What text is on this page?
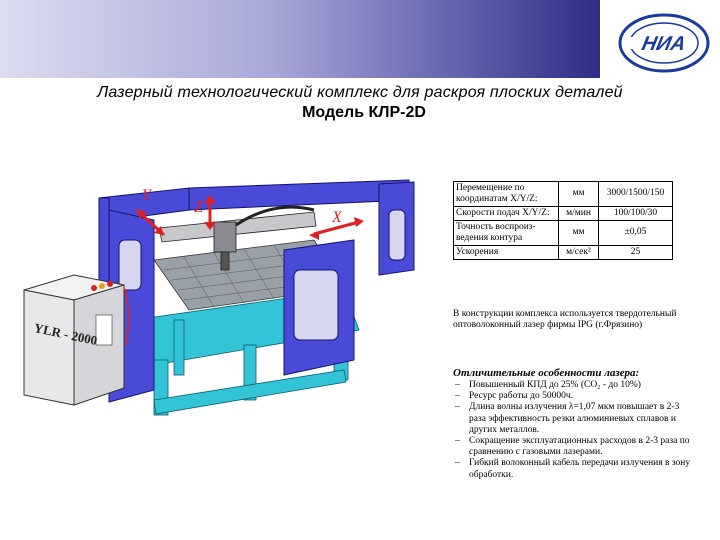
НИА
Лазерный технологический комплекс для раскроя плоских деталей
Модель КЛР-2D
Y
Z
X
YLR - 2000
Перемещение по координатам X/Y/Z:	мм	3000/1500/150
Скорости подач X/Y/Z:	м/мин	100/100/30
Точность воспроиз-ведения контура	мм	±0,05
Ускорения	м/сек²	25
В конструкции комплекса используется твердотельный оптоволоконный лазер фирмы IPG (г.Фрязино)
Отличительные особенности лазера:
– Повышенный КПД до 25% (CO₂ - до 10%)
– Ресурс работы до 50000ч.
– Длина волны излучения λ=1,07 мкм повышает в 2-3 раза эффективность резки алюминиевых сплавов и других металлов.
– Сокращение эксплуатационных расходов в 2-3 раза по сравнению с газовыми лазерами.
– Гибкий волоконный кабель передачи излучения в зону обработки.
